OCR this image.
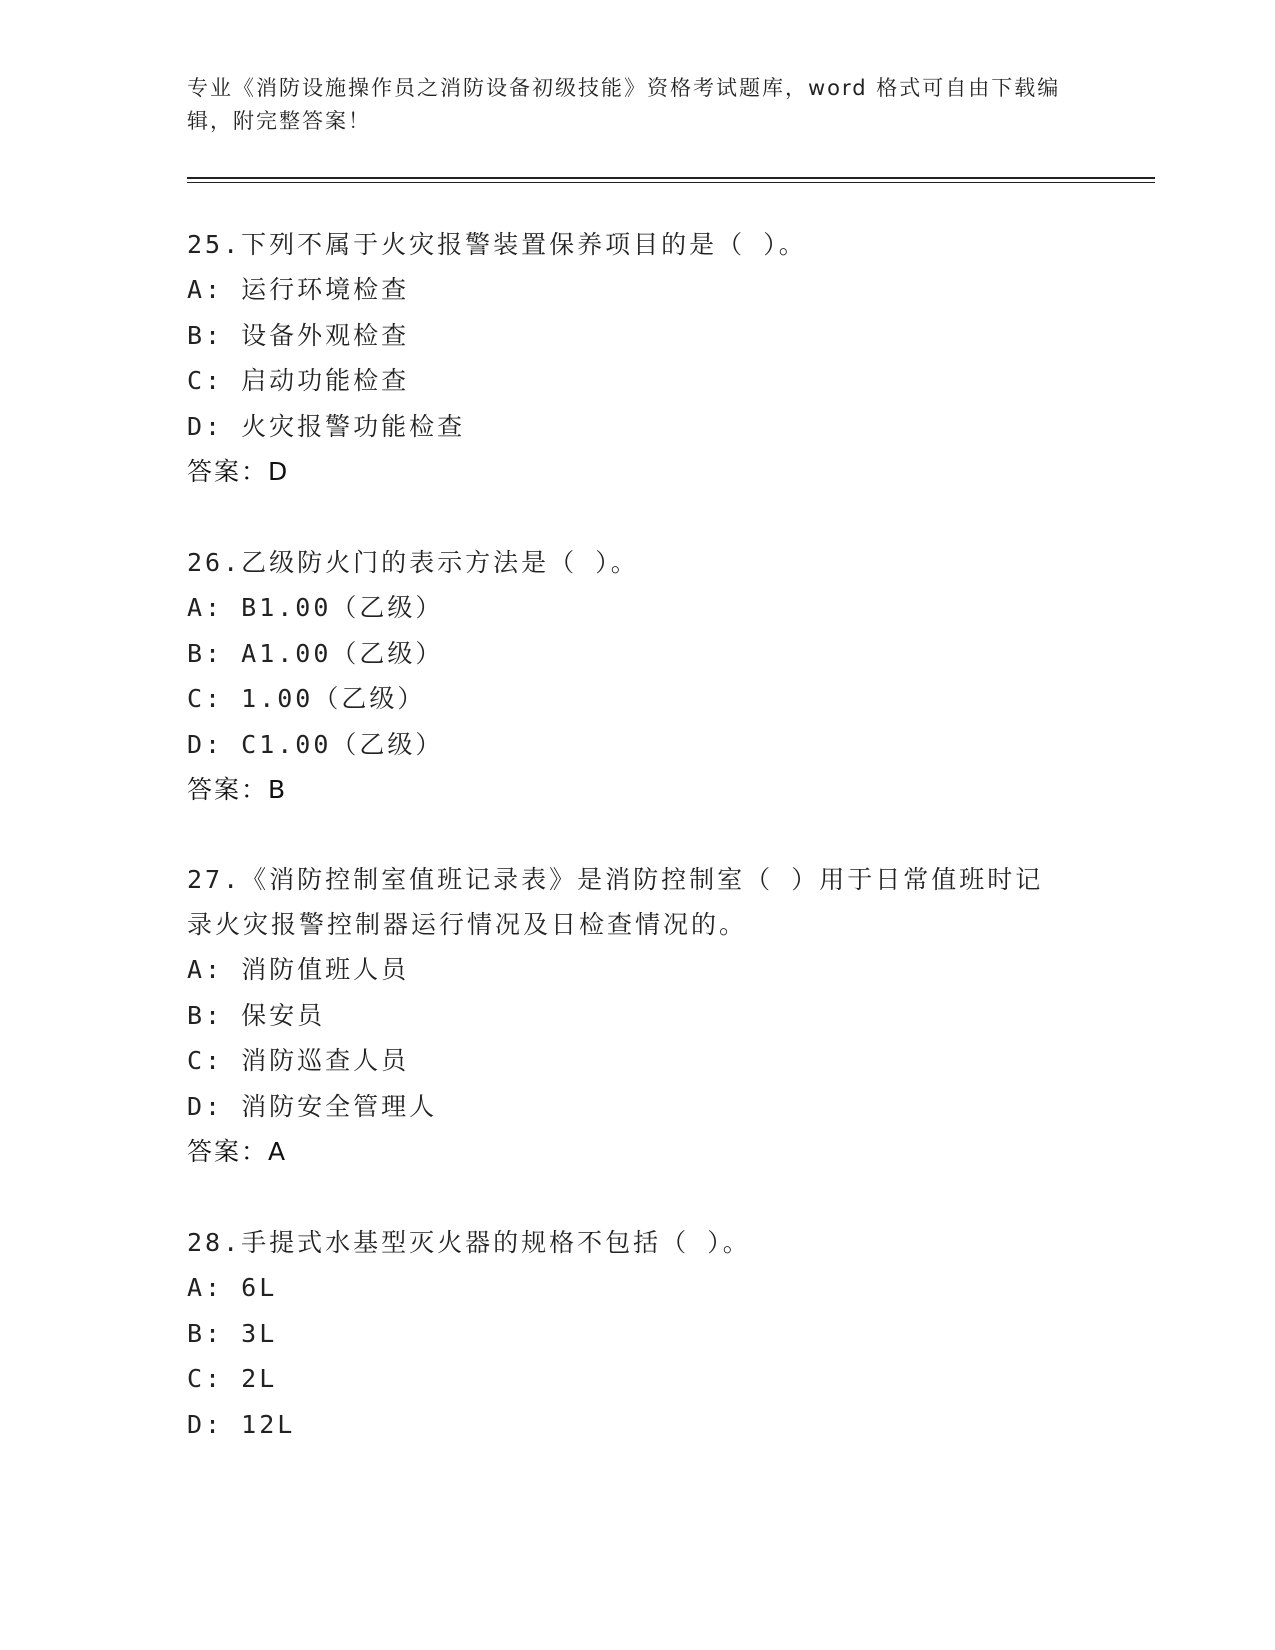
专业《消防设施操作员之消防设备初级技能》资格考试题库，word 格式可自由下载编辑，附完整答案！

25.下列不属于火灾报警装置保养项目的是（ ）。

A: 运行环境检查

B: 设备外观检查

C: 启动功能检查

D: 火灾报警功能检查

答案：D

26.乙级防火门的表示方法是（ ）。

A: B1.00（乙级）

B: A1.00（乙级）

C: 1.00（乙级）

D: C1.00（乙级）

答案：B

27.《消防控制室值班记录表》是消防控制室（ ）用于日常值班时记录火灾报警控制器运行情况及日检查情况的。

A: 消防值班人员

B: 保安员

C: 消防巡查人员

D: 消防安全管理人

答案：A

28.手提式水基型灭火器的规格不包括（ ）。

A: 6L

B: 3L

C: 2L

D: 12L
